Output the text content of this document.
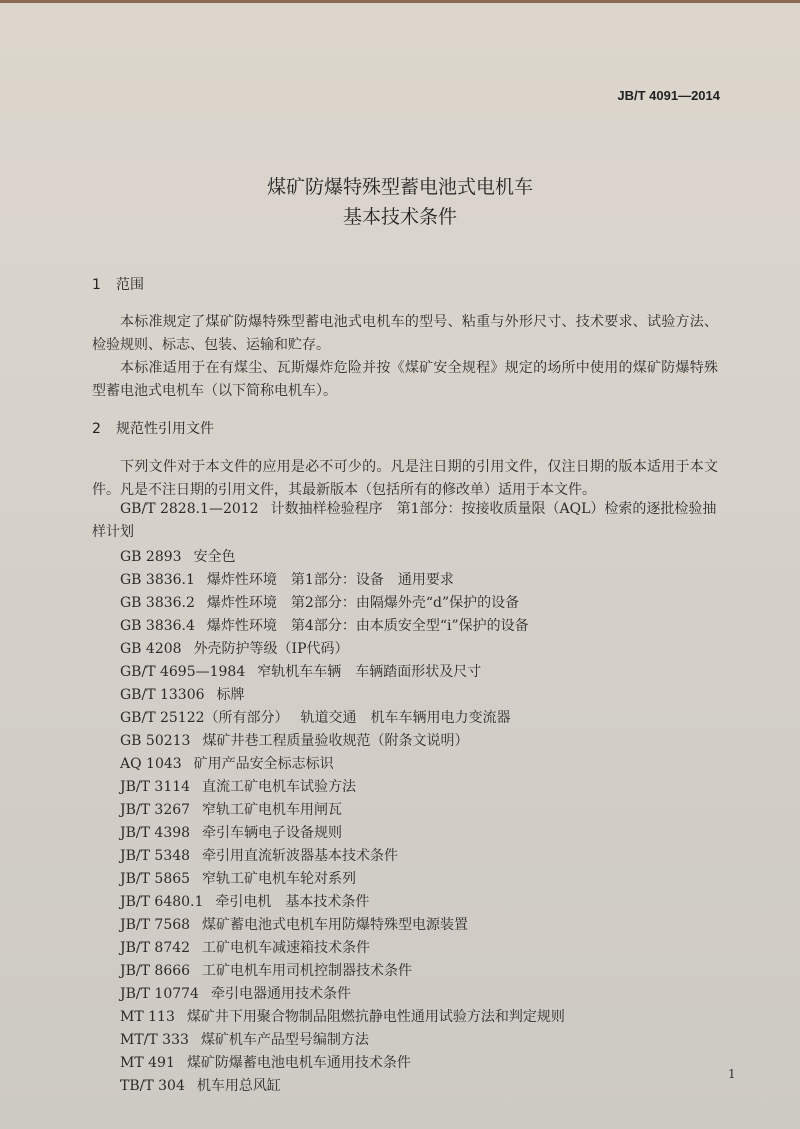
JB/T 4091—2014
煤矿防爆特殊型蓄电池式电机车
基本技术条件
1 范围
本标准规定了煤矿防爆特殊型蓄电池式电机车的型号、粘重与外形尺寸、技术要求、试验方法、检验规则、标志、包装、运输和贮存。
本标准适用于在有煤尘、瓦斯爆炸危险并按《煤矿安全规程》规定的场所中使用的煤矿防爆特殊型蓄电池式电机车（以下简称电机车）。
2 规范性引用文件
下列文件对于本文件的应用是必不可少的。凡是注日期的引用文件，仅注日期的版本适用于本文件。凡是不注日期的引用文件，其最新版本（包括所有的修改单）适用于本文件。
GB/T 2828.1—2012 计数抽样检验程序　第1部分：按接收质量限（AQL）检索的逐批检验抽样计划
GB 2893 安全色
GB 3836.1 爆炸性环境　第1部分：设备　通用要求
GB 3836.2 爆炸性环境　第2部分：由隔爆外壳“d”保护的设备
GB 3836.4 爆炸性环境　第4部分：由本质安全型“i”保护的设备
GB 4208 外壳防护等级（IP代码）
GB/T 4695—1984 窄轨机车车辆　车辆踏面形状及尺寸
GB/T 13306 标牌
GB/T 25122（所有部分） 轨道交通　机车车辆用电力变流器
GB 50213 煤矿井巷工程质量验收规范（附条文说明）
AQ 1043 矿用产品安全标志标识
JB/T 3114 直流工矿电机车试验方法
JB/T 3267 窄轨工矿电机车用闸瓦
JB/T 4398 牵引车辆电子设备规则
JB/T 5348 牵引用直流斩波器基本技术条件
JB/T 5865 窄轨工矿电机车轮对系列
JB/T 6480.1 牵引电机　基本技术条件
JB/T 7568 煤矿蓄电池式电机车用防爆特殊型电源装置
JB/T 8742 工矿电机车减速箱技术条件
JB/T 8666 工矿电机车用司机控制器技术条件
JB/T 10774 牵引电器通用技术条件
MT 113 煤矿井下用聚合物制品阻燃抗静电性通用试验方法和判定规则
MT/T 333 煤矿机车产品型号编制方法
MT 491 煤矿防爆蓄电池电机车通用技术条件
TB/T 304 机车用总风缸
1
